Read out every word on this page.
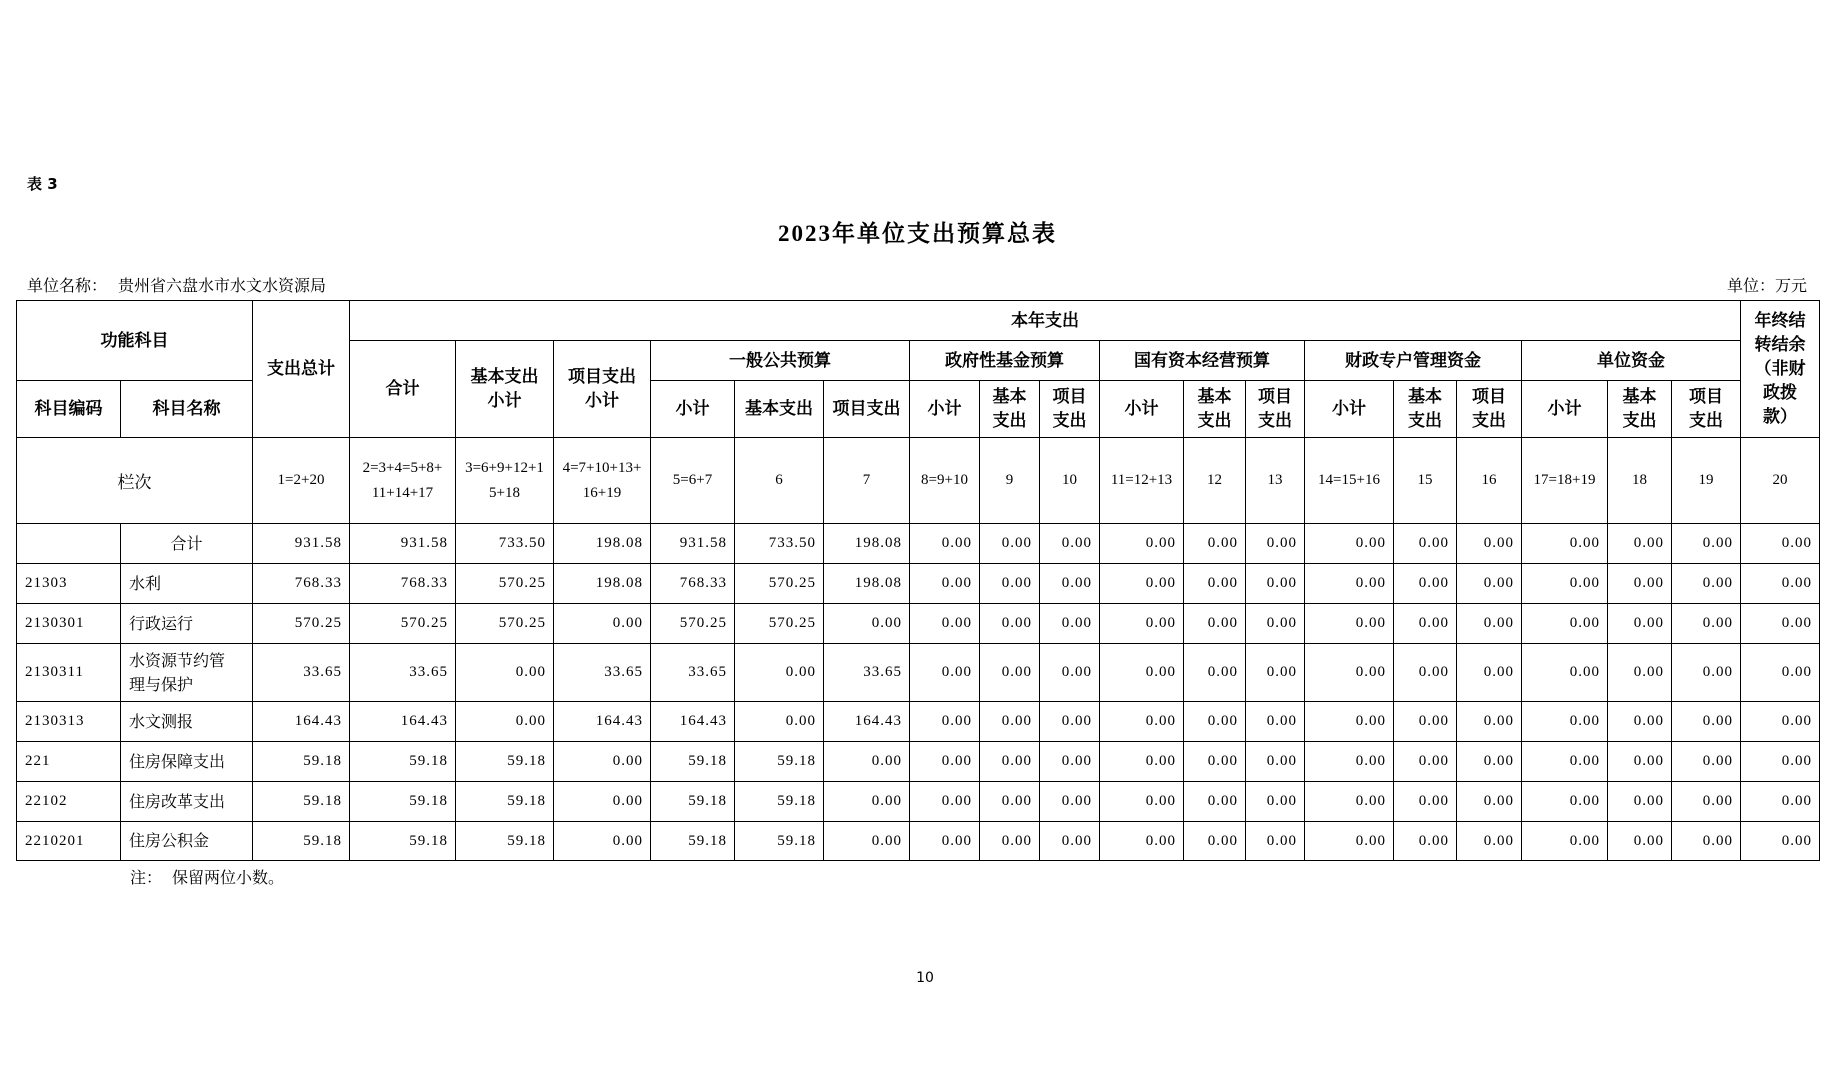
表 3
2023年单位支出预算总表
单位名称： 贵州省六盘水市水文水资源局	单位：万元
功能科目		支出总计	本年支出																		年终结转结余（非财政拨款）
			合计	基本支出小计	项目支出小计	一般公共预算			政府性基金预算			国有资本经营预算			财政专户管理资金			单位资金			
科目编码	科目名称					小计	基本支出	项目支出	小计	基本支出	项目支出	小计	基本支出	项目支出	小计	基本支出	项目支出	小计	基本支出	项目支出	
栏次		1=2+20	2=3+4=5+8+11+14+17	3=6+9+12+15+18	4=7+10+13+16+19	5=6+7	6	7	8=9+10	9	10	11=12+13	12	13	14=15+16	15	16	17=18+19	18	19	20
	合计	931.58	931.58	733.50	198.08	931.58	733.50	198.08	0.00	0.00	0.00	0.00	0.00	0.00	0.00	0.00	0.00	0.00	0.00	0.00	0.00
21303	水利	768.33	768.33	570.25	198.08	768.33	570.25	198.08	0.00	0.00	0.00	0.00	0.00	0.00	0.00	0.00	0.00	0.00	0.00	0.00	0.00
2130301	行政运行	570.25	570.25	570.25	0.00	570.25	570.25	0.00	0.00	0.00	0.00	0.00	0.00	0.00	0.00	0.00	0.00	0.00	0.00	0.00	0.00
2130311	水资源节约管理与保护	33.65	33.65	0.00	33.65	33.65	0.00	33.65	0.00	0.00	0.00	0.00	0.00	0.00	0.00	0.00	0.00	0.00	0.00	0.00	0.00
2130313	水文测报	164.43	164.43	0.00	164.43	164.43	0.00	164.43	0.00	0.00	0.00	0.00	0.00	0.00	0.00	0.00	0.00	0.00	0.00	0.00	0.00
221	住房保障支出	59.18	59.18	59.18	0.00	59.18	59.18	0.00	0.00	0.00	0.00	0.00	0.00	0.00	0.00	0.00	0.00	0.00	0.00	0.00	0.00
22102	住房改革支出	59.18	59.18	59.18	0.00	59.18	59.18	0.00	0.00	0.00	0.00	0.00	0.00	0.00	0.00	0.00	0.00	0.00	0.00	0.00	0.00
2210201	住房公积金	59.18	59.18	59.18	0.00	59.18	59.18	0.00	0.00	0.00	0.00	0.00	0.00	0.00	0.00	0.00	0.00	0.00	0.00	0.00	0.00
注： 保留两位小数。
10
